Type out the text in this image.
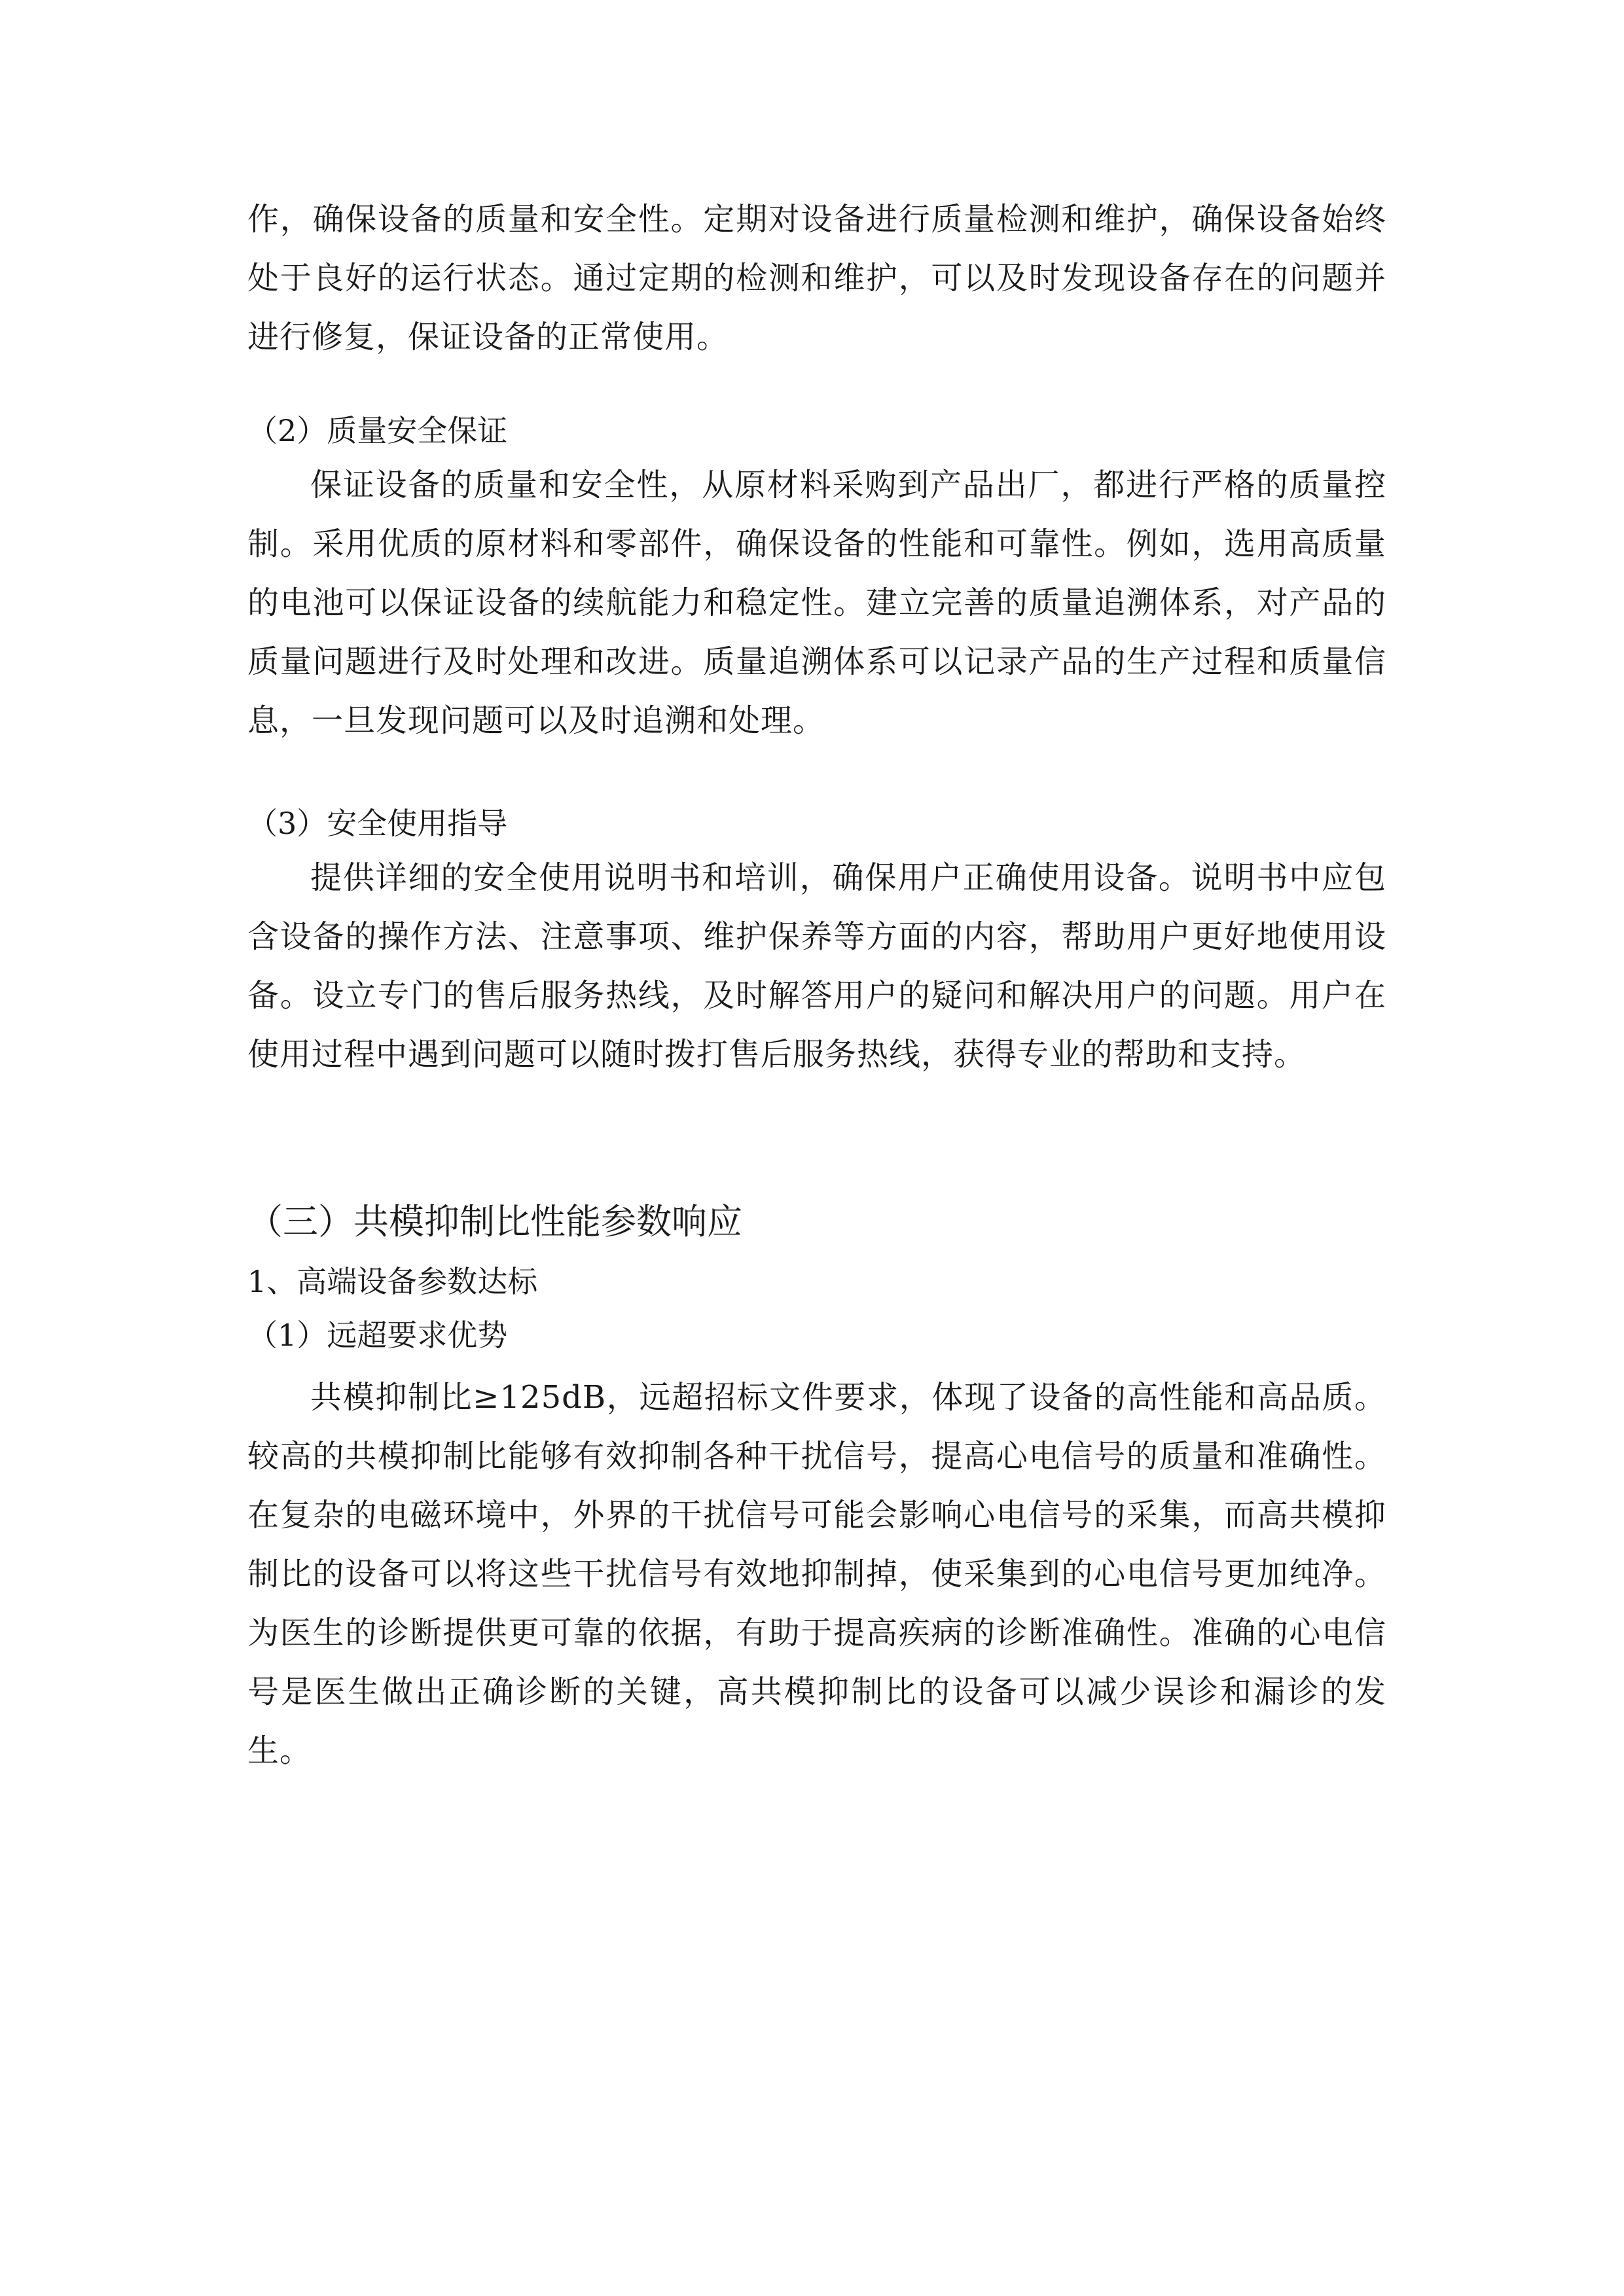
作，确保设备的质量和安全性。定期对设备进行质量检测和维护，确保设备始终处于良好的运行状态。通过定期的检测和维护，可以及时发现设备存在的问题并进行修复，保证设备的正常使用。

（2）质量安全保证

保证设备的质量和安全性，从原材料采购到产品出厂，都进行严格的质量控制。采用优质的原材料和零部件，确保设备的性能和可靠性。例如，选用高质量的电池可以保证设备的续航能力和稳定性。建立完善的质量追溯体系，对产品的质量问题进行及时处理和改进。质量追溯体系可以记录产品的生产过程和质量信息，一旦发现问题可以及时追溯和处理。

（3）安全使用指导

提供详细的安全使用说明书和培训，确保用户正确使用设备。说明书中应包含设备的操作方法、注意事项、维护保养等方面的内容，帮助用户更好地使用设备。设立专门的售后服务热线，及时解答用户的疑问和解决用户的问题。用户在使用过程中遇到问题可以随时拨打售后服务热线，获得专业的帮助和支持。

（三）共模抑制比性能参数响应
1、高端设备参数达标
（1）远超要求优势

共模抑制比≥125dB，远超招标文件要求，体现了设备的高性能和高品质。较高的共模抑制比能够有效抑制各种干扰信号，提高心电信号的质量和准确性。在复杂的电磁环境中，外界的干扰信号可能会影响心电信号的采集，而高共模抑制比的设备可以将这些干扰信号有效地抑制掉，使采集到的心电信号更加纯净。为医生的诊断提供更可靠的依据，有助于提高疾病的诊断准确性。准确的心电信号是医生做出正确诊断的关键，高共模抑制比的设备可以减少误诊和漏诊的发生。
